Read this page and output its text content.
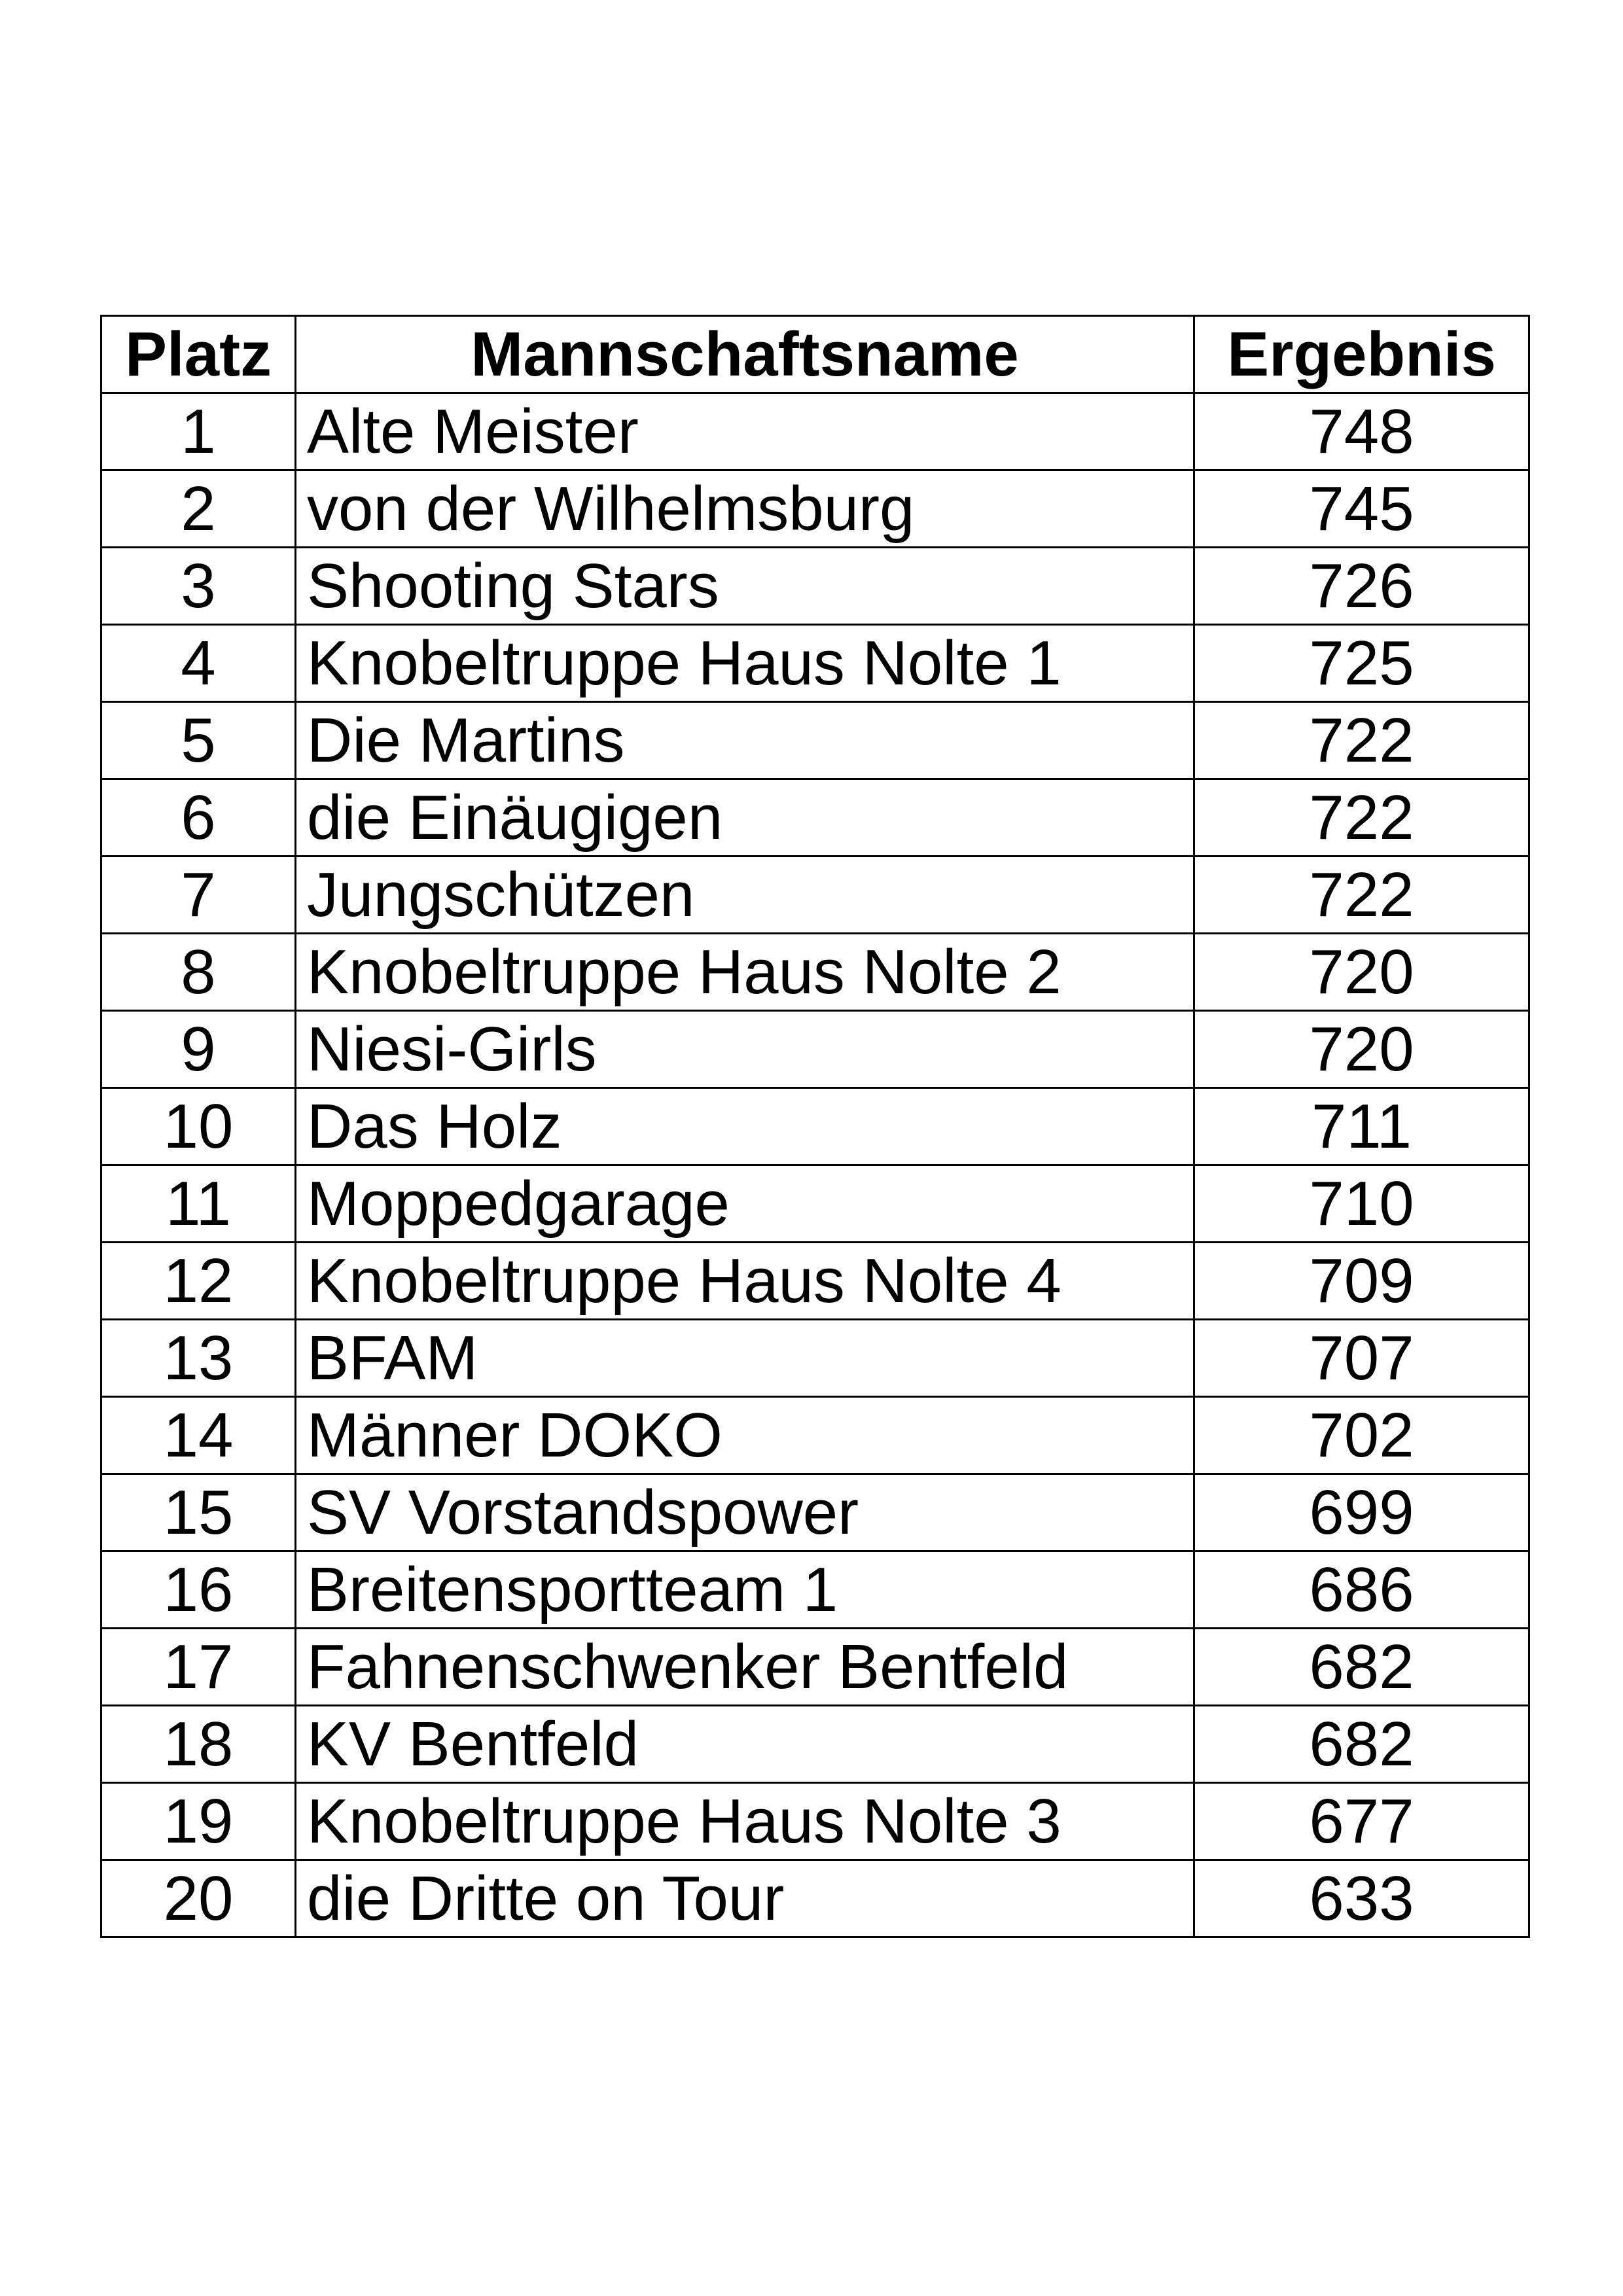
Platz	Mannschaftsname	Ergebnis
1	Alte Meister	748
2	von der Wilhelmsburg	745
3	Shooting Stars	726
4	Knobeltruppe Haus Nolte 1	725
5	Die Martins	722
6	die Einäugigen	722
7	Jungschützen	722
8	Knobeltruppe Haus Nolte 2	720
9	Niesi-Girls	720
10	Das Holz	711
11	Moppedgarage	710
12	Knobeltruppe Haus Nolte 4	709
13	BFAM	707
14	Männer DOKO	702
15	SV Vorstandspower	699
16	Breitensportteam 1	686
17	Fahnenschwenker Bentfeld	682
18	KV Bentfeld	682
19	Knobeltruppe Haus Nolte 3	677
20	die Dritte on Tour	633
